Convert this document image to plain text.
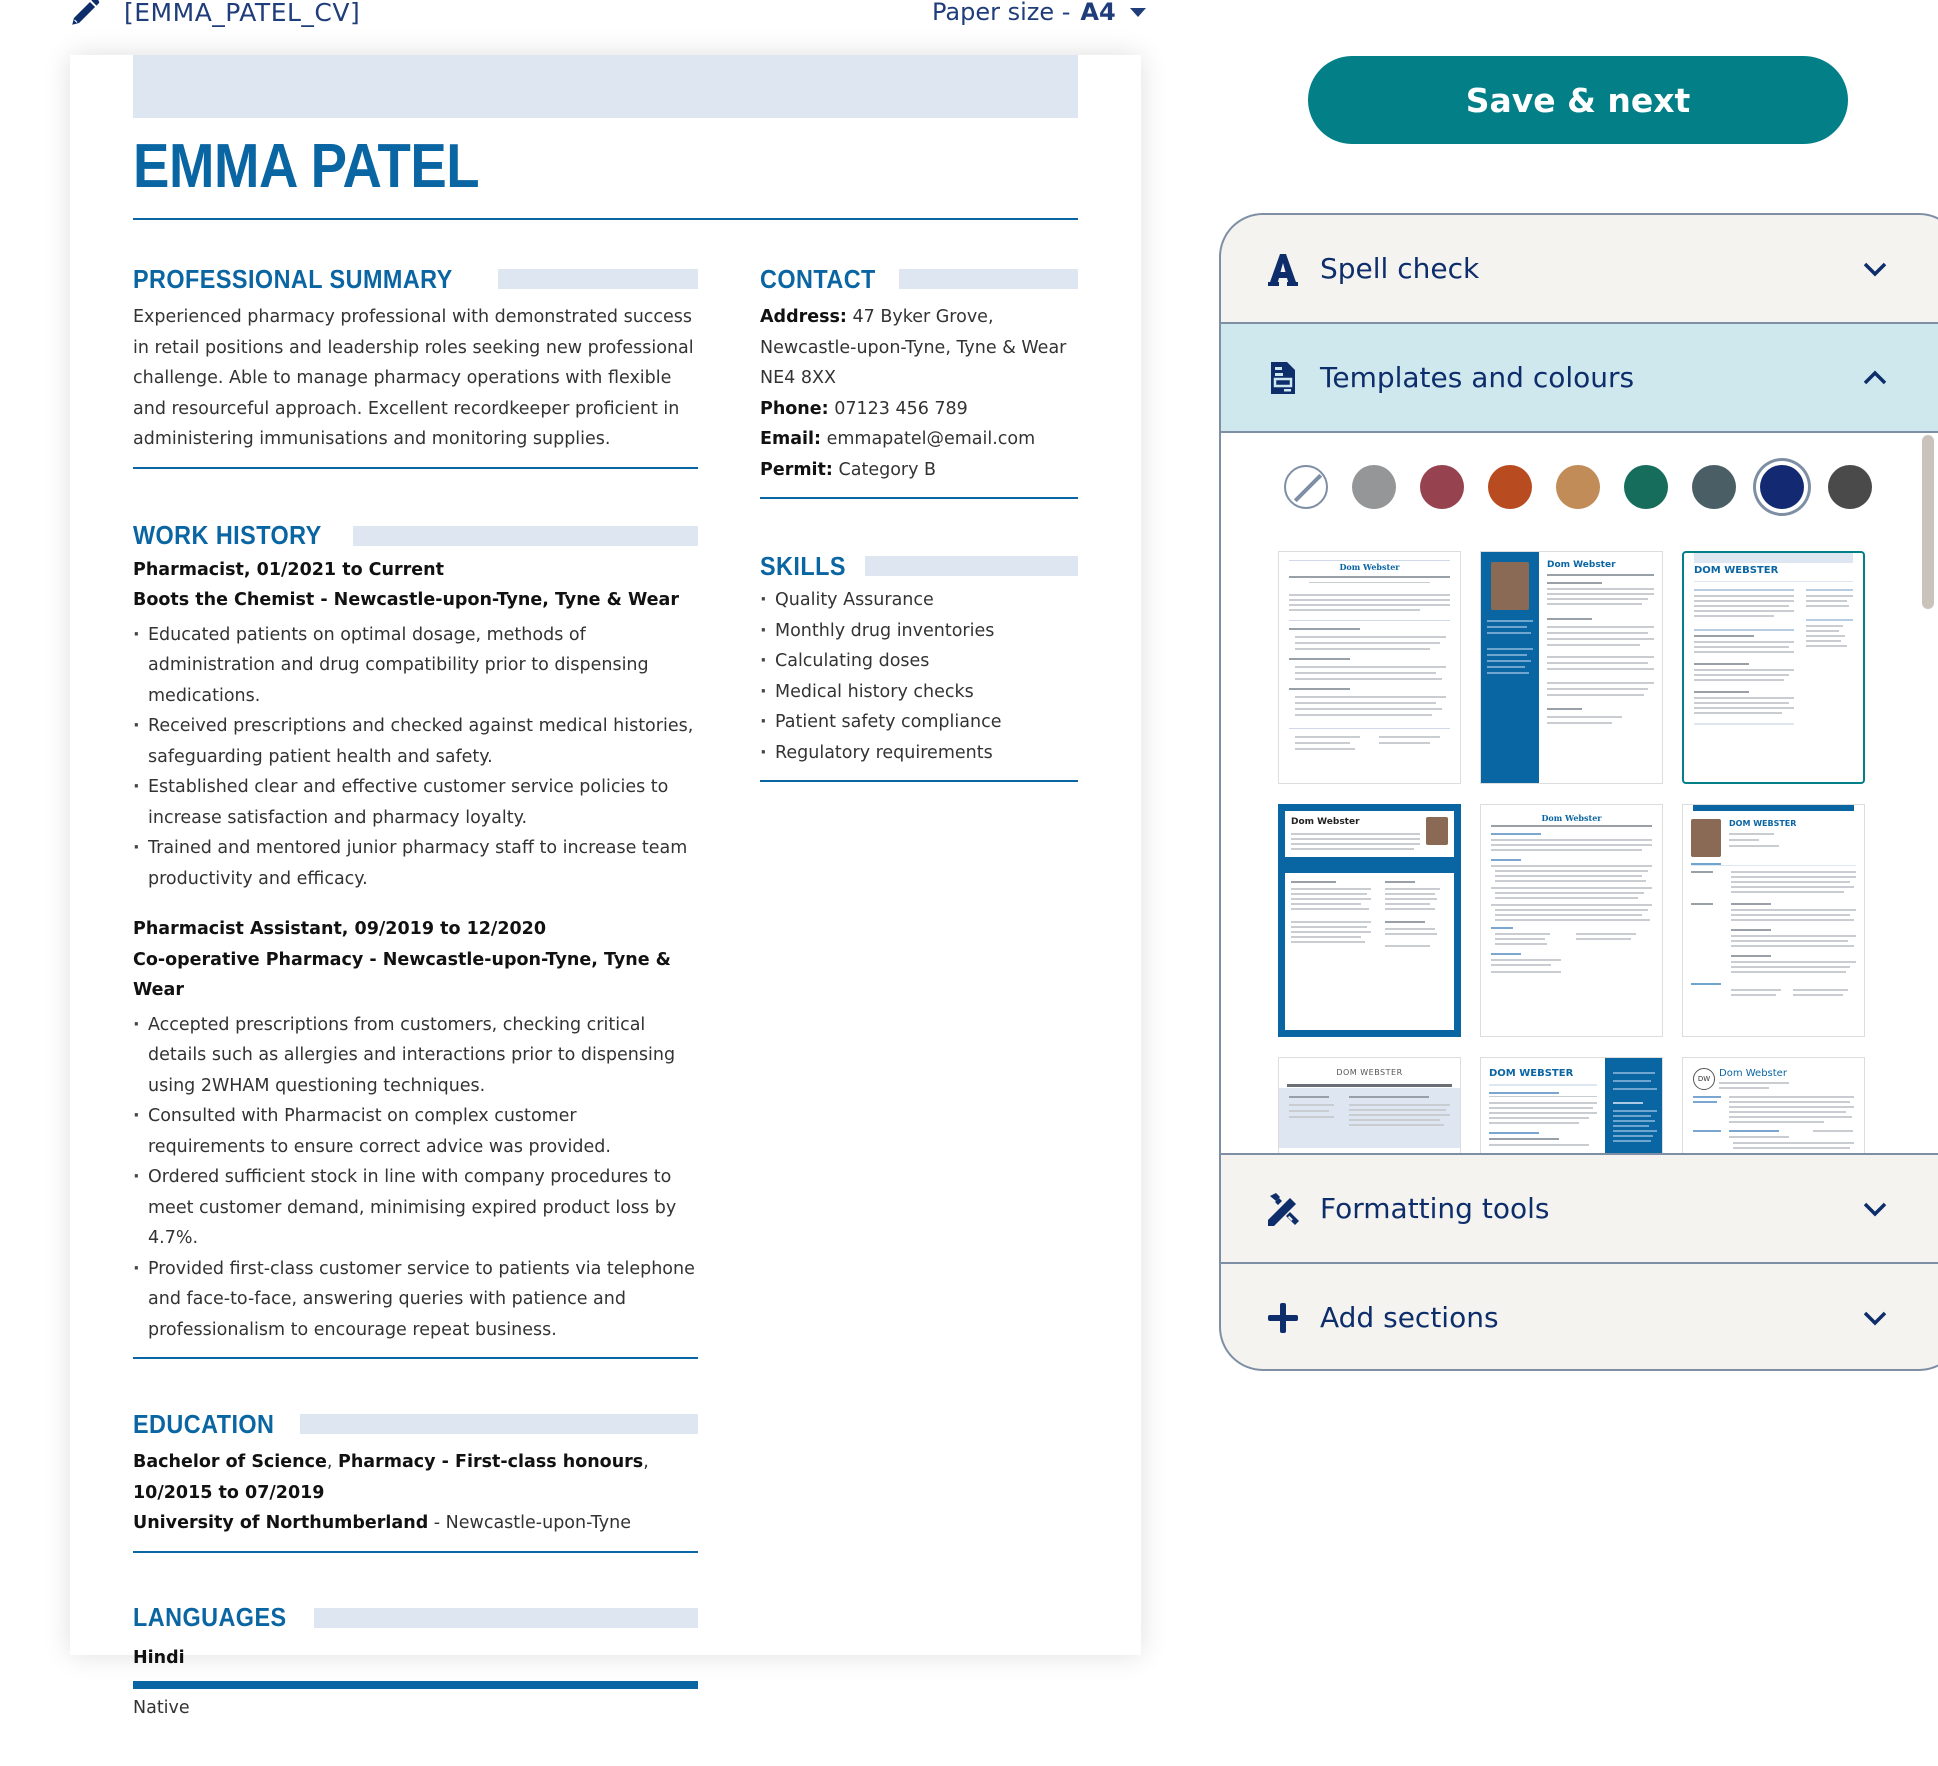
[EMMA_PATEL_CV]	Paper size - A4
EMMA PATEL
PROFESSIONAL SUMMARY
Experienced pharmacy professional with demonstrated success in retail positions and leadership roles seeking new professional challenge. Able to manage pharmacy operations with flexible and resourceful approach. Excellent recordkeeper proficient in administering immunisations and monitoring supplies.
WORK HISTORY
Pharmacist, 01/2021 to Current
Boots the Chemist - Newcastle-upon-Tyne, Tyne & Wear
· Educated patients on optimal dosage, methods of administration and drug compatibility prior to dispensing medications.
· Received prescriptions and checked against medical histories, safeguarding patient health and safety.
· Established clear and effective customer service policies to increase satisfaction and pharmacy loyalty.
· Trained and mentored junior pharmacy staff to increase team productivity and efficacy.
Pharmacist Assistant, 09/2019 to 12/2020
Co-operative Pharmacy - Newcastle-upon-Tyne, Tyne & Wear
· Accepted prescriptions from customers, checking critical details such as allergies and interactions prior to dispensing using 2WHAM questioning techniques.
· Consulted with Pharmacist on complex customer requirements to ensure correct advice was provided.
· Ordered sufficient stock in line with company procedures to meet customer demand, minimising expired product loss by 4.7%.
· Provided first-class customer service to patients via telephone and face-to-face, answering queries with patience and professionalism to encourage repeat business.
EDUCATION
Bachelor of Science, Pharmacy - First-class honours, 10/2015 to 07/2019
University of Northumberland - Newcastle-upon-Tyne
LANGUAGES
Hindi
Native
CONTACT
Address: 47 Byker Grove, Newcastle-upon-Tyne, Tyne & Wear NE4 8XX
Phone: 07123 456 789
Email: emmapatel@email.com
Permit: Category B
SKILLS
· Quality Assurance
· Monthly drug inventories
· Calculating doses
· Medical history checks
· Patient safety compliance
· Regulatory requirements
Save & next
Spell check
Templates and colours
Dom Webster	Dom Webster	DOM WEBSTER
Dom Webster	Dom Webster
DOM WEBSTER
DOM WEBSTER	DOM WEBSTER	DW Dom Webster
Formatting tools
Add sections
